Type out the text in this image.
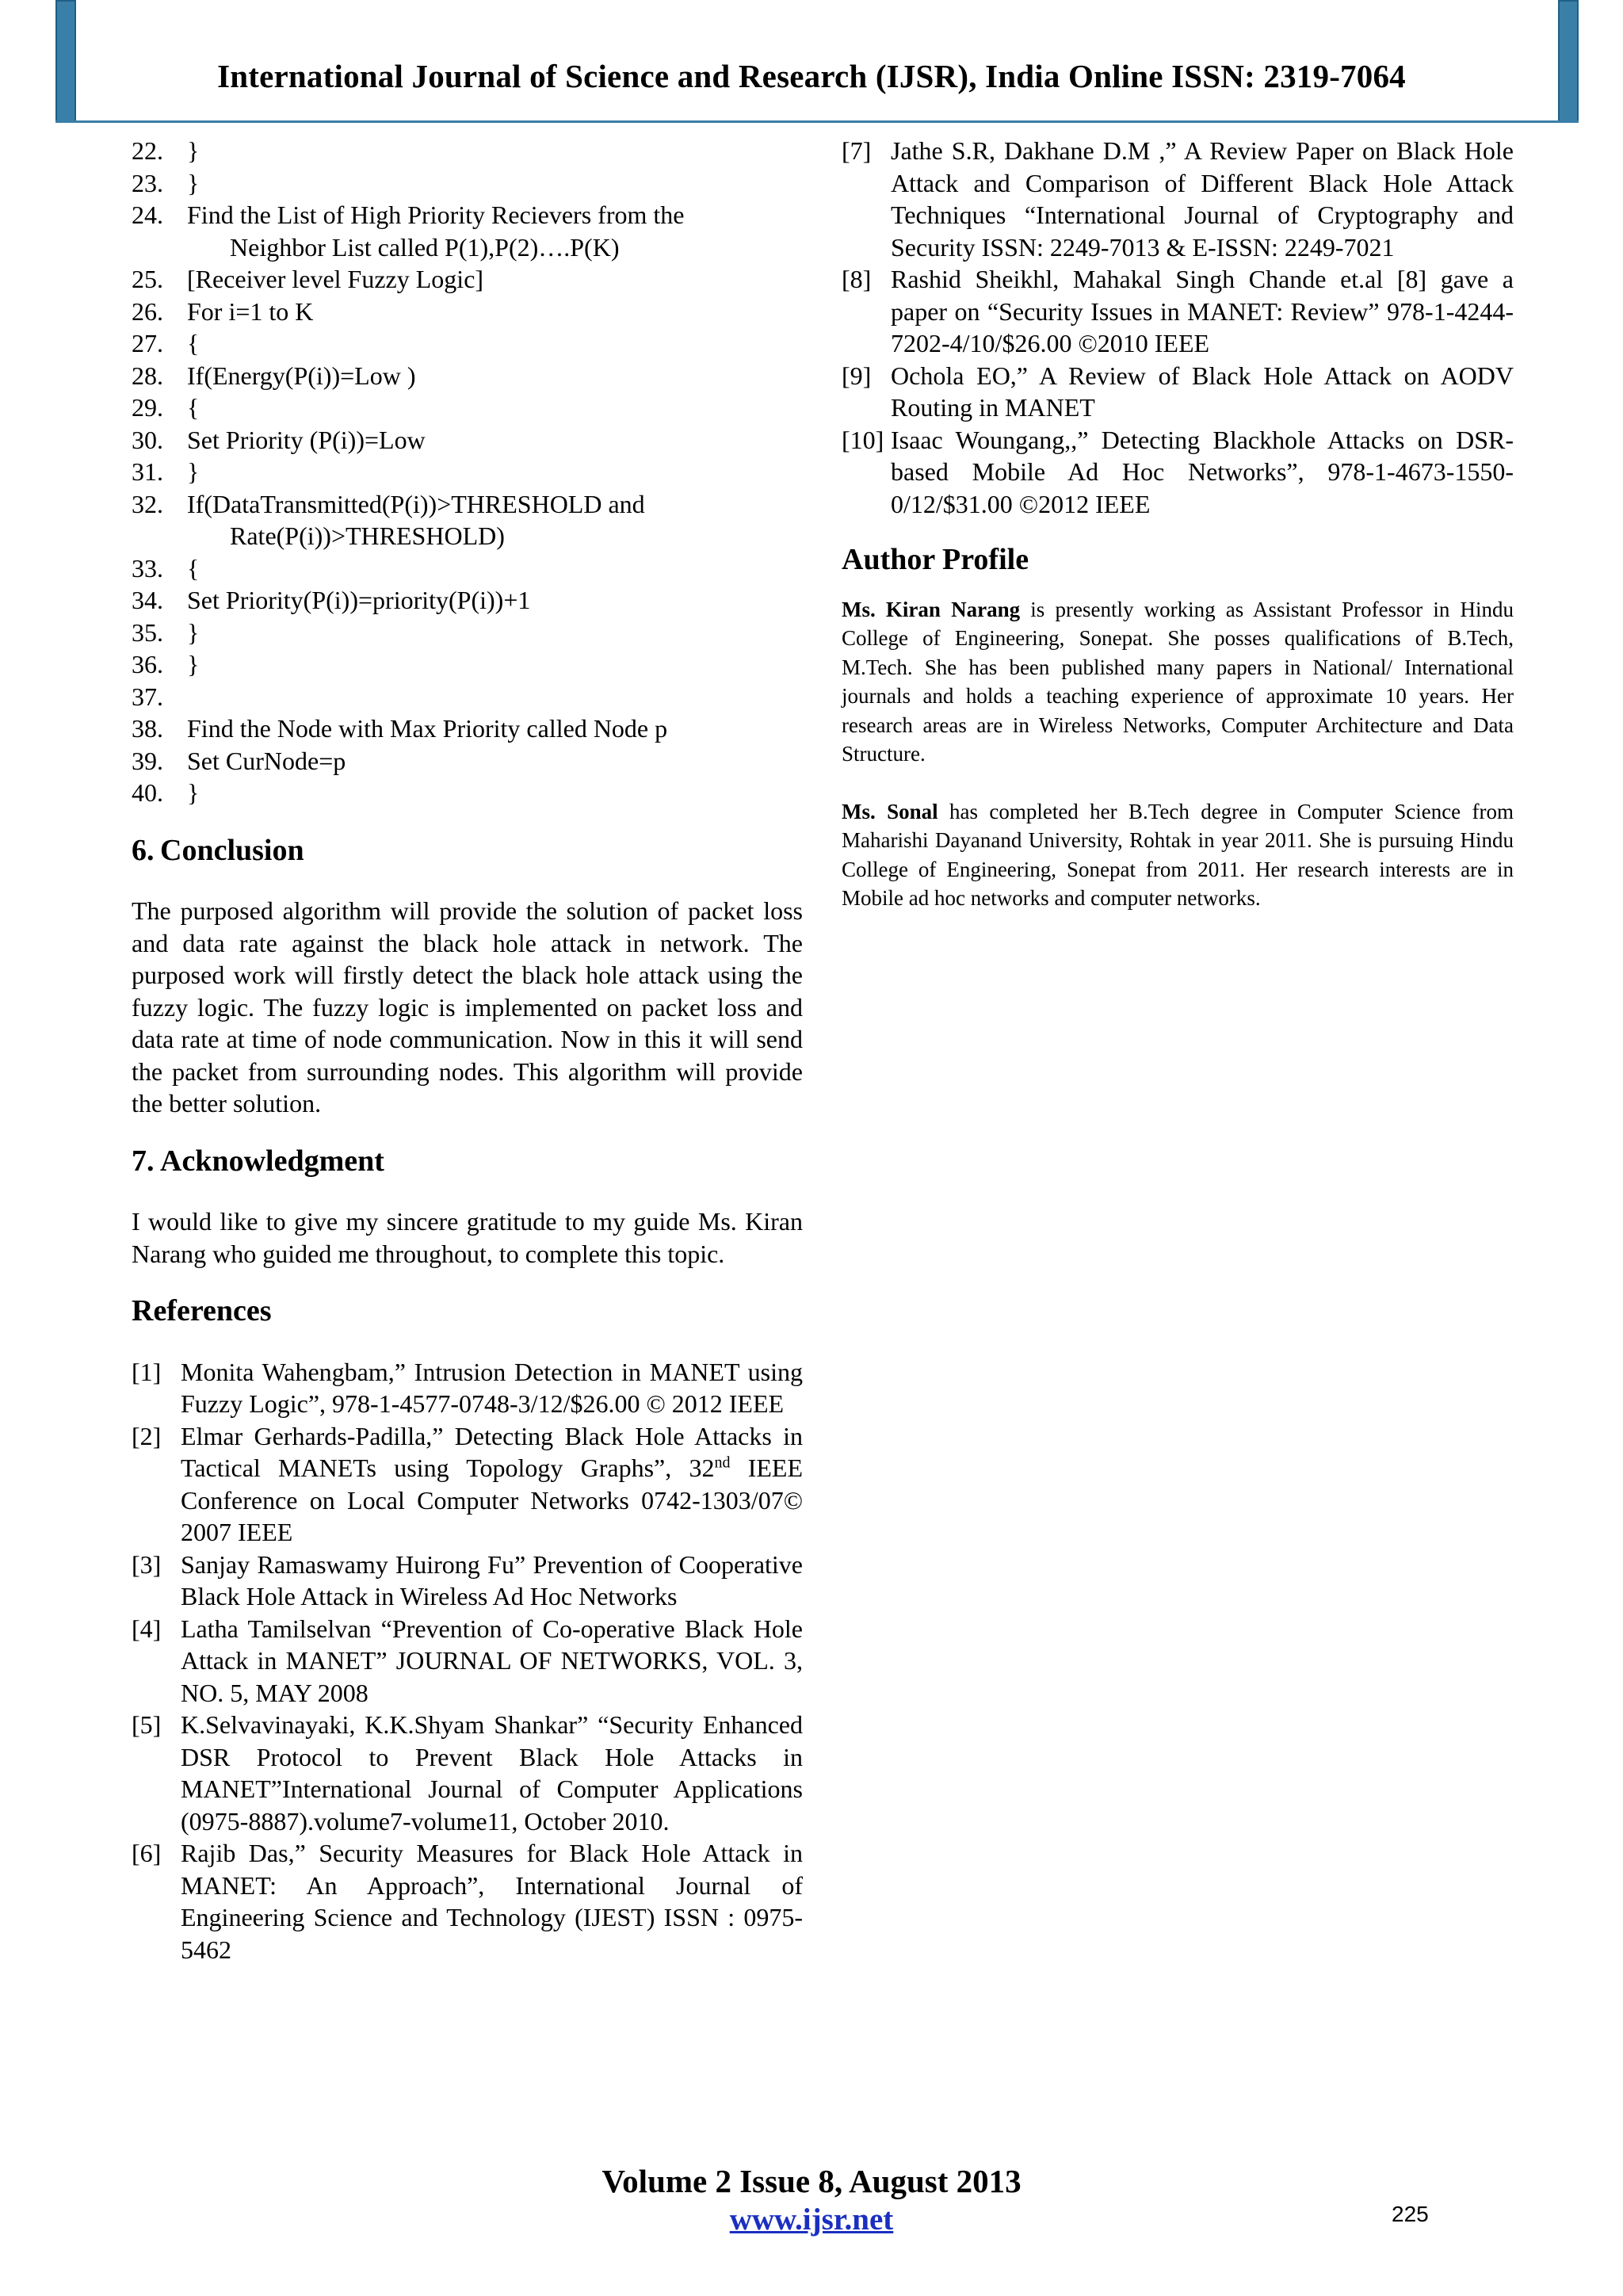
International Journal of Science and Research (IJSR), India Online ISSN: 2319-7064
22. }
23. }
24. Find the List of High Priority Recievers from the
Neighbor List called P(1),P(2)….P(K)
25. [Receiver level Fuzzy Logic]
26. For i=1 to K
27. {
28. If(Energy(P(i))=Low )
29. {
30. Set Priority (P(i))=Low
31. }
32. If(DataTransmitted(P(i))>THRESHOLD and
Rate(P(i))>THRESHOLD)
33. {
34. Set Priority(P(i))=priority(P(i))+1
35. }
36. }
37.
38. Find the Node with Max Priority called Node p
39. Set CurNode=p
40. }
6. Conclusion

The purposed algorithm will provide the solution of packet loss and data rate against the black hole attack in network. The purposed work will firstly detect the black hole attack using the fuzzy logic. The fuzzy logic is implemented on packet loss and data rate at time of node communication. Now in this it will send the packet from surrounding nodes. This algorithm will provide the better solution.

7. Acknowledgment

I would like to give my sincere gratitude to my guide Ms. Kiran Narang who guided me throughout, to complete this topic.

References
[1] Monita Wahengbam,” Intrusion Detection in MANET using Fuzzy Logic”, 978-1-4577-0748-3/12/$26.00 © 2012 IEEE
[2] Elmar Gerhards-Padilla,” Detecting Black Hole Attacks in Tactical MANETs using Topology Graphs”, 32nd IEEE Conference on Local Computer Networks 0742-1303/07© 2007 IEEE
[3] Sanjay Ramaswamy Huirong Fu” Prevention of Cooperative Black Hole Attack in Wireless Ad Hoc Networks
[4] Latha Tamilselvan “Prevention of Co-operative Black Hole Attack in MANET” JOURNAL OF NETWORKS, VOL. 3, NO. 5, MAY 2008
[5] K.Selvavinayaki, K.K.Shyam Shankar” “Security Enhanced DSR Protocol to Prevent Black Hole Attacks in MANET”International Journal of Computer Applications (0975-8887).volume7-volume11, October 2010.
[6] Rajib Das,” Security Measures for Black Hole Attack in MANET: An Approach”, International Journal of Engineering Science and Technology (IJEST) ISSN : 0975-5462
[7] Jathe S.R, Dakhane D.M ,” A Review Paper on Black Hole Attack and Comparison of Different Black Hole Attack Techniques “International Journal of Cryptography and Security ISSN: 2249-7013 & E-ISSN: 2249-7021
[8] Rashid Sheikhl, Mahakal Singh Chande et.al [8] gave a paper on “Security Issues in MANET: Review” 978-1-4244-7202-4/10/$26.00 ©2010 IEEE
[9] Ochola EO,” A Review of Black Hole Attack on AODV Routing in MANET
[10] Isaac Woungang,,” Detecting Blackhole Attacks on DSR-based Mobile Ad Hoc Networks”, 978-1-4673-1550-0/12/$31.00 ©2012 IEEE
Author Profile

Ms. Kiran Narang is presently working as Assistant Professor in Hindu College of Engineering, Sonepat. She posses qualifications of B.Tech, M.Tech. She has been published many papers in National/ International journals and holds a teaching experience of approximate 10 years. Her research areas are in Wireless Networks, Computer Architecture and Data Structure.

Ms. Sonal has completed her B.Tech degree in Computer Science from Maharishi Dayanand University, Rohtak in year 2011. She is pursuing Hindu College of Engineering, Sonepat from 2011. Her research interests are in Mobile ad hoc networks and computer networks.

Volume 2 Issue 8, August 2013
www.ijsr.net	225
